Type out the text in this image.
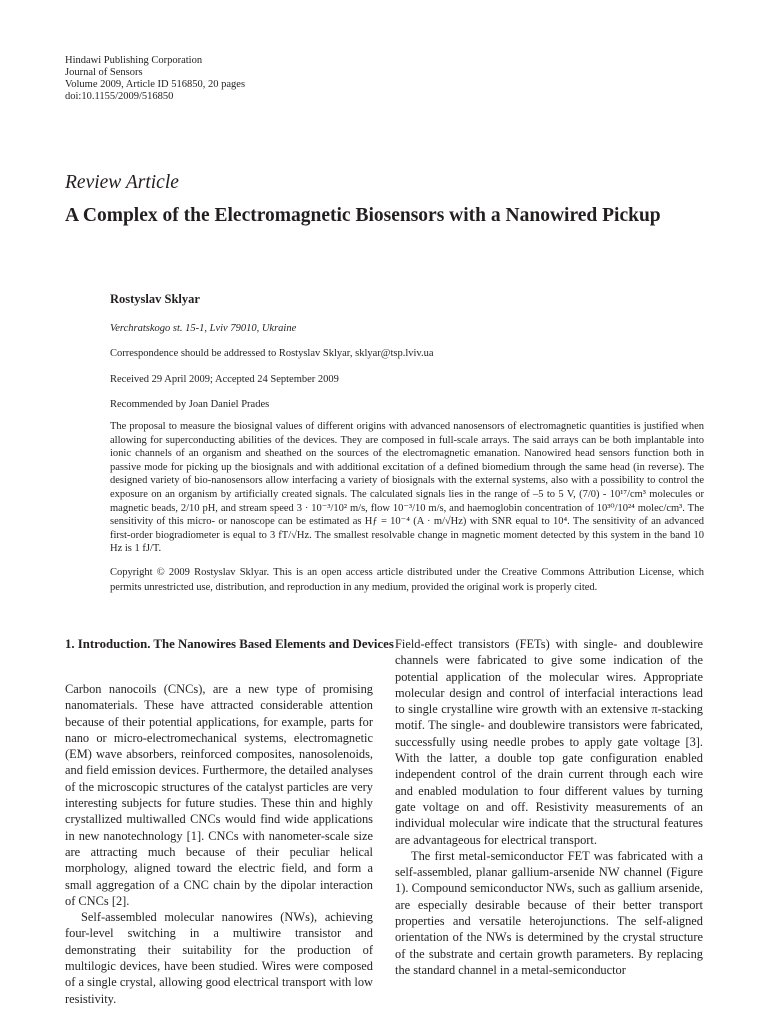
Hindawi Publishing Corporation
Journal of Sensors
Volume 2009, Article ID 516850, 20 pages
doi:10.1155/2009/516850
Review Article
A Complex of the Electromagnetic Biosensors with a Nanowired Pickup
Rostyslav Sklyar
Verchratskogo st. 15-1, Lviv 79010, Ukraine
Correspondence should be addressed to Rostyslav Sklyar, sklyar@tsp.lviv.ua
Received 29 April 2009; Accepted 24 September 2009
Recommended by Joan Daniel Prades
The proposal to measure the biosignal values of different origins with advanced nanosensors of electromagnetic quantities is justified when allowing for superconducting abilities of the devices. They are composed in full-scale arrays. The said arrays can be both implantable into ionic channels of an organism and sheathed on the sources of the electromagnetic emanation. Nanowired head sensors function both in passive mode for picking up the biosignals and with additional excitation of a defined biomedium through the same head (in reverse). The designed variety of bio-nanosensors allow interfacing a variety of biosignals with the external systems, also with a possibility to control the exposure on an organism by artificially created signals. The calculated signals lies in the range of –5 to 5 V, (7/0) - 10¹⁷/cm³ molecules or magnetic beads, 2/10 pH, and stream speed 3 · 10⁻³/10² m/s, flow 10⁻³/10 m/s, and haemoglobin concentration of 10³⁰/10²⁴ molec/cm³. The sensitivity of this micro- or nanoscope can be estimated as Hƒ = 10⁻⁴ (A · m/√Hz) with SNR equal to 10⁴. The sensitivity of an advanced first-order biogradiometer is equal to 3 fT/√Hz. The smallest resolvable change in magnetic moment detected by this system in the band 10 Hz is 1 fJ/T.
Copyright © 2009 Rostyslav Sklyar. This is an open access article distributed under the Creative Commons Attribution License, which permits unrestricted use, distribution, and reproduction in any medium, provided the original work is properly cited.
1. Introduction. The Nanowires Based Elements and Devices

Carbon nanocoils (CNCs), are a new type of promising nanomaterials. These have attracted considerable attention because of their potential applications, for example, parts for nano or micro-electromechanical systems, electromagnetic (EM) wave absorbers, reinforced composites, nanosolenoids, and field emission devices. Furthermore, the detailed analyses of the microscopic structures of the catalyst particles are very interesting subjects for future studies. These thin and highly crystallized multiwalled CNCs would find wide applications in new nanotechnology [1]. CNCs with nanometer-scale size are attracting much because of their peculiar helical morphology, aligned toward the electric field, and form a small aggregation of a CNC chain by the dipolar interaction of CNCs [2].

Self-assembled molecular nanowires (NWs), achieving four-level switching in a multiwire transistor and demonstrating their suitability for the production of multilogic devices, have been studied. Wires were composed of a single crystal, allowing good electrical transport with low resistivity.

Field-effect transistors (FETs) with single- and doublewire channels were fabricated to give some indication of the potential application of the molecular wires. Appropriate molecular design and control of interfacial interactions lead to single crystalline wire growth with an extensive π-stacking motif. The single- and doublewire transistors were fabricated, successfully using needle probes to apply gate voltage [3]. With the latter, a double top gate configuration enabled independent control of the drain current through each wire and enabled modulation to four different values by turning gate voltage on and off. Resistivity measurements of an individual molecular wire indicate that the structural features are advantageous for electrical transport.

The first metal-semiconductor FET was fabricated with a self-assembled, planar gallium-arsenide NW channel (Figure 1). Compound semiconductor NWs, such as gallium arsenide, are especially desirable because of their better transport properties and versatile heterojunctions. The self-aligned orientation of the NWs is determined by the crystal structure of the substrate and certain growth parameters. By replacing the standard channel in a metal-semiconductor
